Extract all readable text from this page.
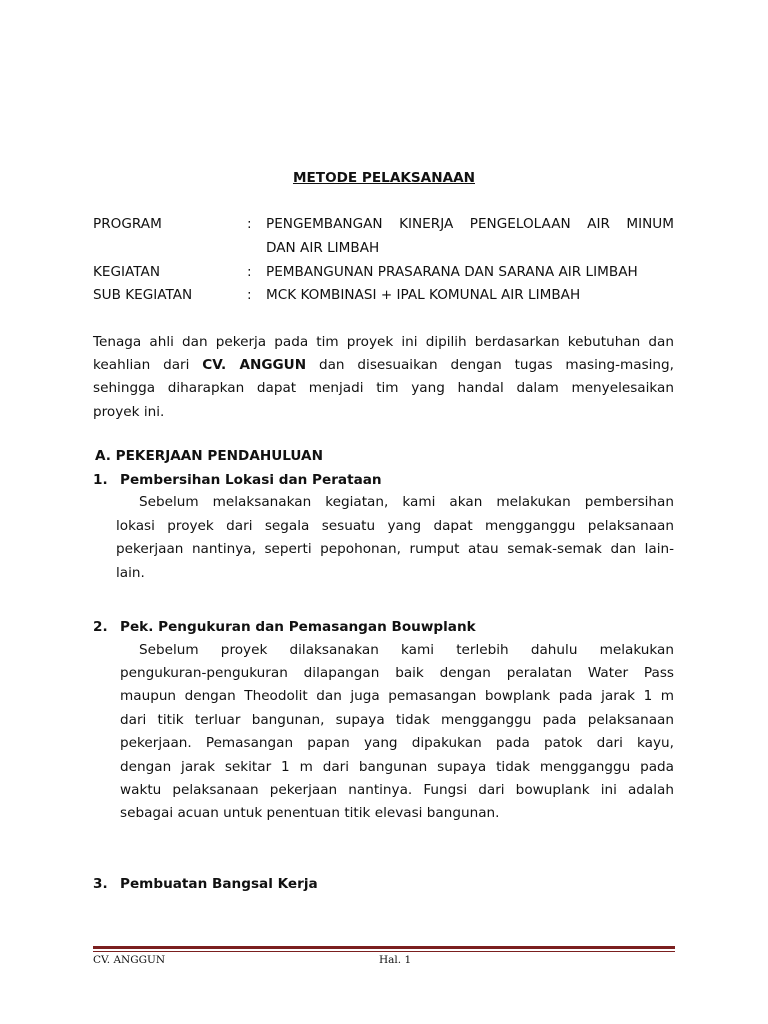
METODE PELAKSANAAN
PROGRAM	: PENGEMBANGAN KINERJA PENGELOLAAN AIR MINUM
DAN AIR LIMBAH
KEGIATAN	: PEMBANGUNAN PRASARANA DAN SARANA AIR LIMBAH
SUB KEGIATAN	: MCK KOMBINASI + IPAL KOMUNAL AIR LIMBAH
Tenaga ahli dan pekerja pada tim proyek ini dipilih berdasarkan kebutuhan dan
keahlian dari CV. ANGGUN dan disesuaikan dengan tugas masing-masing,
sehingga diharapkan dapat menjadi tim yang handal dalam menyelesaikan
proyek ini.
A. PEKERJAAN PENDAHULUAN
1. Pembersihan Lokasi dan Perataan
Sebelum melaksanakan kegiatan, kami akan melakukan pembersihan
lokasi proyek dari segala sesuatu yang dapat mengganggu pelaksanaan
pekerjaan nantinya, seperti pepohonan, rumput atau semak-semak dan lain-
lain.
2. Pek. Pengukuran dan Pemasangan Bouwplank
Sebelum proyek dilaksanakan kami terlebih dahulu melakukan
pengukuran-pengukuran dilapangan baik dengan peralatan Water Pass
maupun dengan Theodolit dan juga pemasangan bowplank pada jarak 1 m
dari titik terluar bangunan, supaya tidak mengganggu pada pelaksanaan
pekerjaan. Pemasangan papan yang dipakukan pada patok dari kayu,
dengan jarak sekitar 1 m dari bangunan supaya tidak mengganggu pada
waktu pelaksanaan pekerjaan nantinya. Fungsi dari bowuplank ini adalah
sebagai acuan untuk penentuan titik elevasi bangunan.
3. Pembuatan Bangsal Kerja
CV. ANGGUN	Hal. 1
